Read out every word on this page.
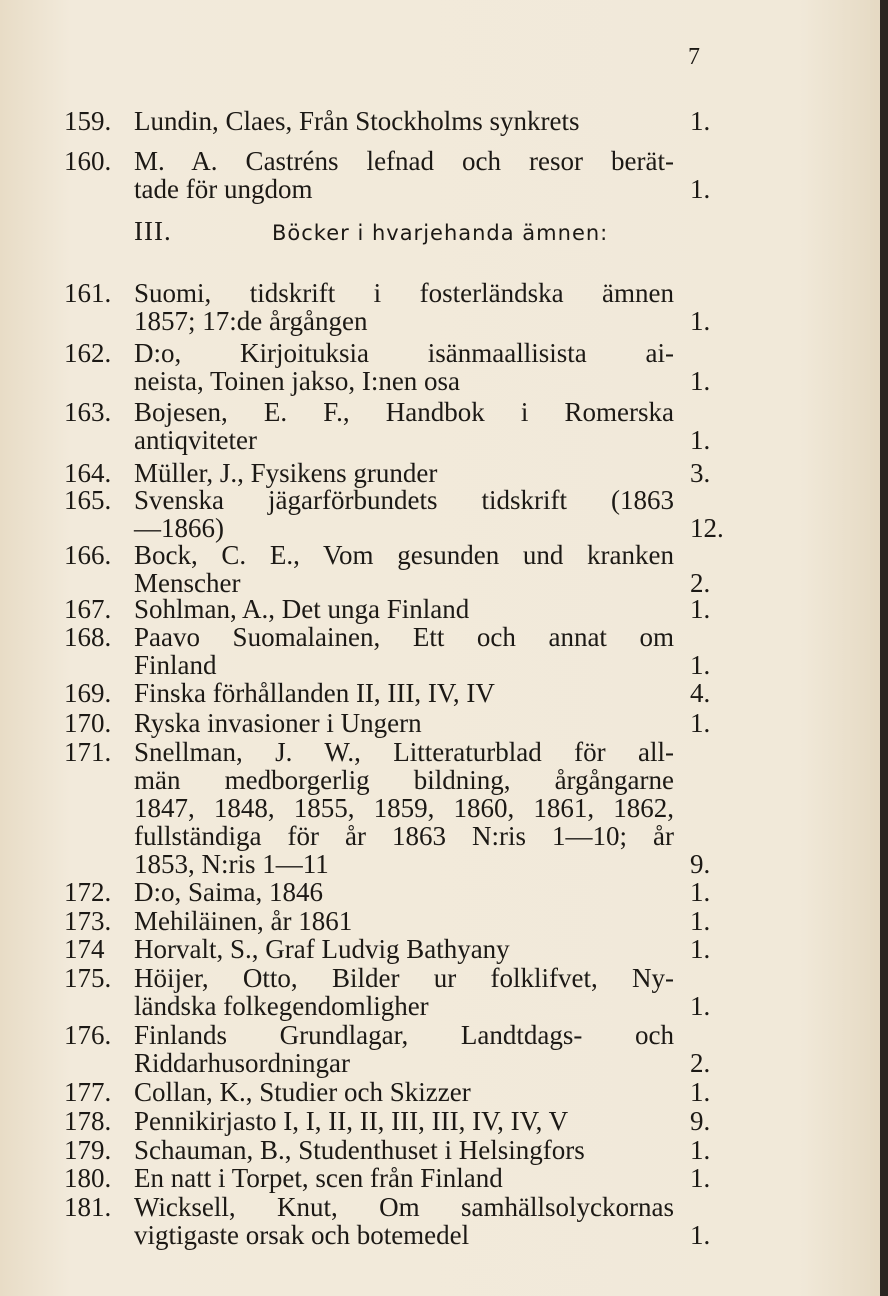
7
III.	Böcker i hvarjehanda ämnen:
159. Lundin, Claes, Från Stockholms synkrets	1.
160. M. A. Castréns lefnad och resor berät-
tade för ungdom	1.
161. Suomi, tidskrift i fosterländska ämnen
1857; 17:de årgången	1.
162. D:o, Kirjoituksia isänmaallisista ai-
neista, Toinen jakso, I:nen osa	1.
163. Bojesen, E. F., Handbok i Romerska
antiqviteter	1.
164. Müller, J., Fysikens grunder	3.
165. Svenska jägarförbundets tidskrift (1863
—1866)	12.
166. Bock, C. E., Vom gesunden und kranken
Menscher	2.
167. Sohlman, A., Det unga Finland	1.
168. Paavo Suomalainen, Ett och annat om
Finland	1.
169. Finska förhållanden II, III, IV, IV	4.
170. Ryska invasioner i Ungern	1.
171. Snellman, J. W., Litteraturblad för all-
män medborgerlig bildning, årgångarne
1847, 1848, 1855, 1859, 1860, 1861, 1862,
fullständiga för år 1863 N:ris 1—10; år
1853, N:ris 1—11	9.
172. D:o, Saima, 1846	1.
173. Mehiläinen, år 1861	1.
174	Horvalt, S., Graf Ludvig Bathyany	1.
175. Höijer, Otto, Bilder ur folklifvet, Ny-
ländska folkegendomligher	1.
176. Finlands Grundlagar, Landtdags- och
Riddarhusordningar	2.
177. Collan, K., Studier och Skizzer	1.
178. Pennikirjasto I, I, II, II, III, III, IV, IV, V	9.
179. Schauman, B., Studenthuset i Helsingfors	1.
180. En natt i Torpet, scen från Finland	1.
181. Wicksell, Knut, Om samhällsolyckornas
vigtigaste orsak och botemedel	1.
